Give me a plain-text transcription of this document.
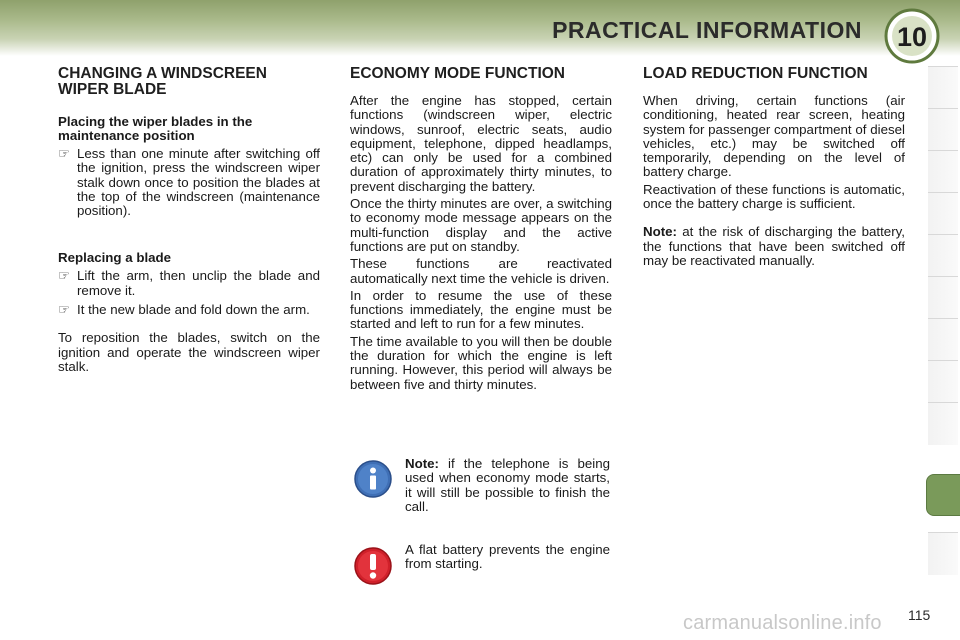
PRACTICAL INFORMATION 10
CHANGING A WINDSCREEN WIPER BLADE
Placing the wiper blades in the maintenance position
☞ Less than one minute after switching off the ignition, press the windscreen wiper stalk down once to position the blades at the top of the windscreen (maintenance position).
Replacing a blade
☞ Lift the arm, then unclip the blade and remove it.
☞ It the new blade and fold down the arm.

To reposition the blades, switch on the ignition and operate the windscreen wiper stalk.

ECONOMY MODE FUNCTION

After the engine has stopped, certain functions (windscreen wiper, electric windows, sunroof, electric seats, audio equipment, telephone, dipped headlamps, etc) can only be used for a combined duration of approximately thirty minutes, to prevent discharging the battery.

Once the thirty minutes are over, a switching to economy mode message appears on the multi-function display and the active functions are put on standby.

These functions are reactivated automatically next time the vehicle is driven.

In order to resume the use of these functions immediately, the engine must be started and left to run for a few minutes.

The time available to you will then be double the duration for which the engine is left running. However, this period will always be between five and thirty minutes.

Note: if the telephone is being used when economy mode starts, it will still be possible to finish the call.
A flat battery prevents the engine from starting.
LOAD REDUCTION FUNCTION

When driving, certain functions (air conditioning, heated rear screen, heating system for passenger compartment of diesel vehicles, etc.) may be switched off temporarily, depending on the level of battery charge.

Reactivation of these functions is automatic, once the battery charge is sufficient.

Note: at the risk of discharging the battery, the functions that have been switched off may be reactivated manually.

carmanualsonline.info 115
